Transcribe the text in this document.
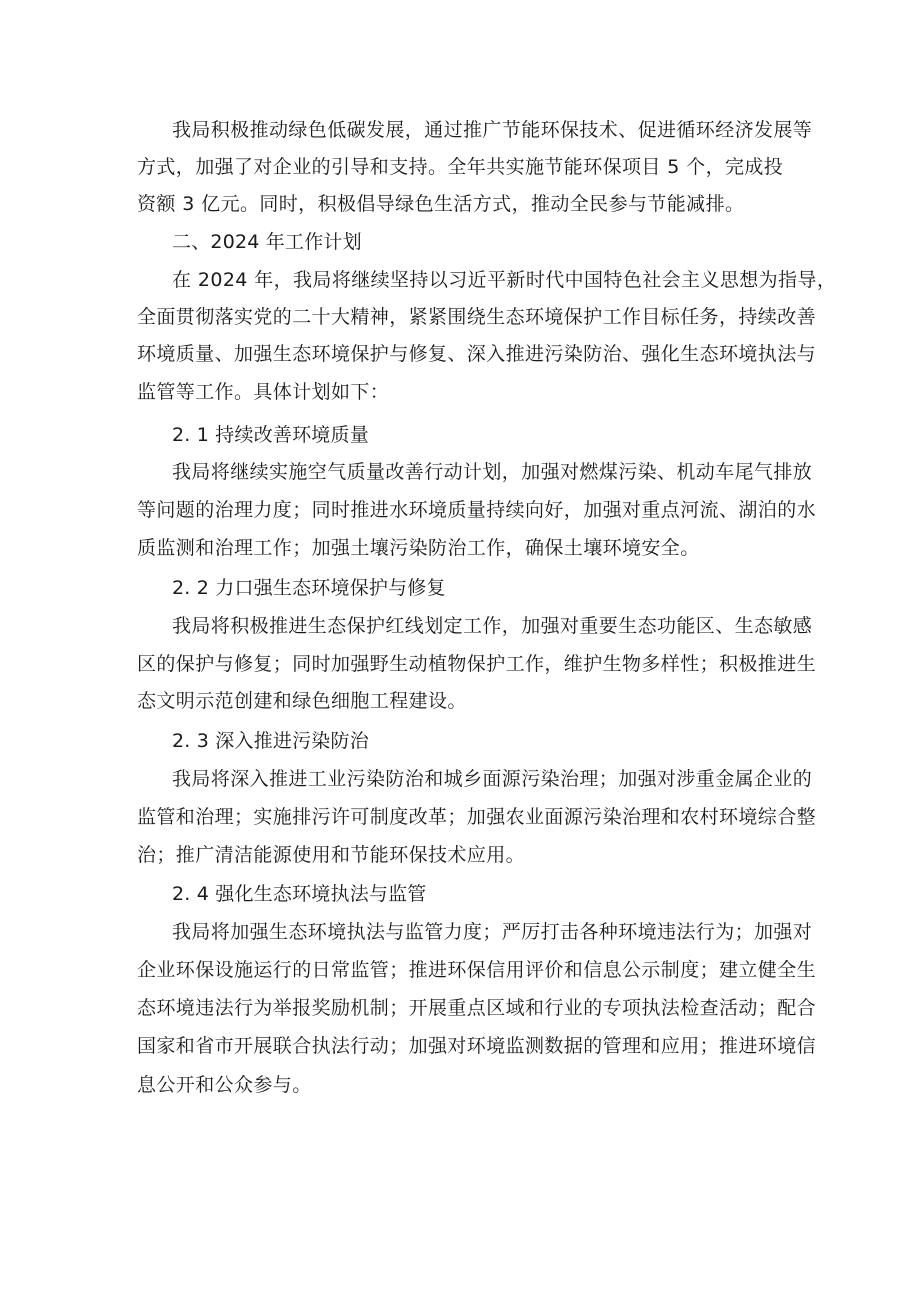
我局积极推动绿色低碳发展，通过推广节能环保技术、促进循环经济发展等
方式，加强了对企业的引导和支持。全年共实施节能环保项目 5 个，完成投
资额 3 亿元。同时，积极倡导绿色生活方式，推动全民参与节能减排。
二、2024 年工作计划
在 2024 年，我局将继续坚持以习近平新时代中国特色社会主义思想为指导，
全面贯彻落实党的二十大精神，紧紧围绕生态环境保护工作目标任务，持续改善
环境质量、加强生态环境保护与修复、深入推进污染防治、强化生态环境执法与
监管等工作。具体计划如下：
2. 1 持续改善环境质量
我局将继续实施空气质量改善行动计划，加强对燃煤污染、机动车尾气排放
等问题的治理力度；同时推进水环境质量持续向好，加强对重点河流、湖泊的水
质监测和治理工作；加强土壤污染防治工作，确保土壤环境安全。
2. 2 力口强生态环境保护与修复
我局将积极推进生态保护红线划定工作，加强对重要生态功能区、生态敏感
区的保护与修复；同时加强野生动植物保护工作，维护生物多样性；积极推进生
态文明示范创建和绿色细胞工程建设。
2. 3 深入推进污染防治
我局将深入推进工业污染防治和城乡面源污染治理；加强对涉重金属企业的
监管和治理；实施排污许可制度改革；加强农业面源污染治理和农村环境综合整
治；推广清洁能源使用和节能环保技术应用。
2. 4 强化生态环境执法与监管
我局将加强生态环境执法与监管力度；严厉打击各种环境违法行为；加强对
企业环保设施运行的日常监管；推进环保信用评价和信息公示制度；建立健全生
态环境违法行为举报奖励机制；开展重点区域和行业的专项执法检查活动；配合
国家和省市开展联合执法行动；加强对环境监测数据的管理和应用；推进环境信
息公开和公众参与。
